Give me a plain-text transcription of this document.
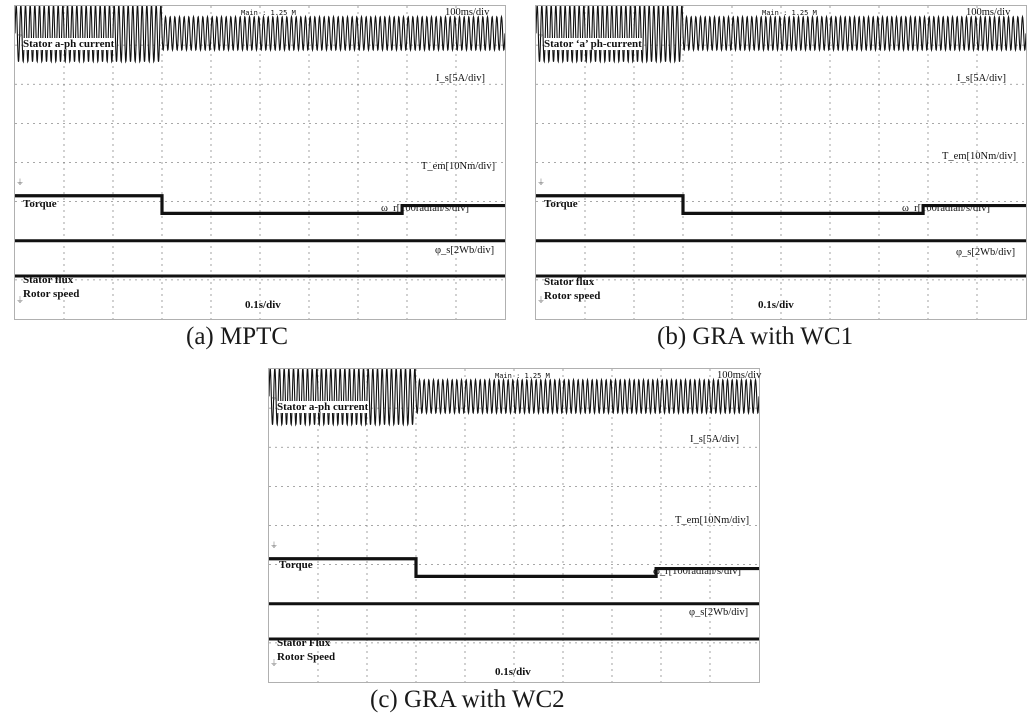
⏚
⏚
⏚
Main : 1.25 M	100ms/div
Stator a-ph current
I_s[5A/div]
T_em[10Nm/div]
Torque	ω_r[100radian/s/div]
φ_s[2Wb/div]
Stator flux
Rotor speed
0.1s/div
(a) MPTC
⏚
⏚
⏚
Main : 1.25 M	100ms/div
Stator ‘a’ ph-current
I_s[5A/div]
T_em[10Nm/div]
Torque	ω_r[100radian/s/div]
φ_s[2Wb/div]
Stator flux
Rotor speed
0.1s/div
(b) GRA with WC1
⏚
⏚
⏚
Main : 1.25 M	100ms/div
Stator a-ph current
I_s[5A/div]
T_em[10Nm/div]
Torque
ω_r[100radian/s/div]
φ_s[2Wb/div]
Stator Flux
Rotor Speed
0.1s/div
(c) GRA with WC2
